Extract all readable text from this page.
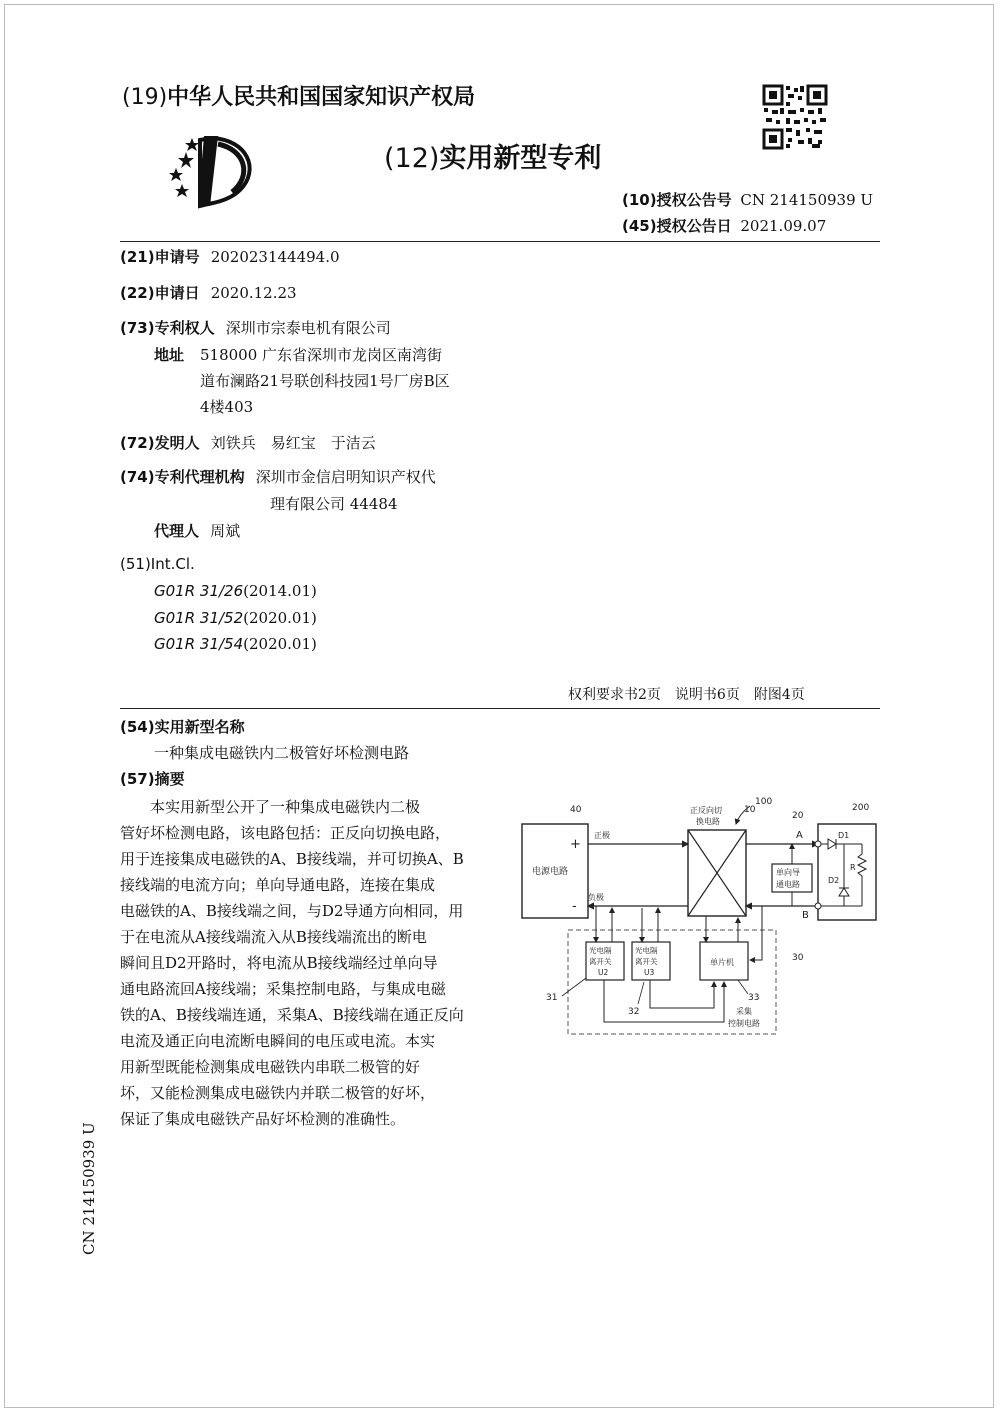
(19)中华人民共和国国家知识产权局
(12)实用新型专利
(10)授权公告号 CN 214150939 U
(45)授权公告日 2021.09.07
(21)申请号 202023144494.0
(22)申请日 2020.12.23
(73)专利权人 深圳市宗泰电机有限公司
地址 518000 广东省深圳市龙岗区南湾街
道布澜路21号联创科技园1号厂房B区
4楼403
(72)发明人 刘铁兵　易红宝　于洁云
(74)专利代理机构 深圳市金信启明知识产权代
理有限公司 44484
代理人 周斌
(51)Int.Cl.
G01R 31/26(2014.01)
G01R 31/52(2020.01)
G01R 31/54(2020.01)
权利要求书2页　说明书6页　附图4页
(54)实用新型名称
一种集成电磁铁内二极管好坏检测电路
(57)摘要
本实用新型公开了一种集成电磁铁内二极
管好坏检测电路，该电路包括：正反向切换电路，
用于连接集成电磁铁的A、B接线端，并可切换A、B
接线端的电流方向；单向导通电路，连接在集成
电磁铁的A、B接线端之间，与D2导通方向相同，用
于在电流从A接线端流入从B接线端流出的断电
瞬间且D2开路时，将电流从B接线端经过单向导
通电路流回A接线端；采集控制电路，与集成电磁
铁的A、B接线端连通，采集A、B接线端在通正反向
电流及通正向电流断电瞬间的电压或电流。本实
用新型既能检测集成电磁铁内串联二极管的好
坏，又能检测集成电磁铁内并联二极管的好坏，
保证了集成电磁铁产品好坏检测的准确性。
CN 214150939 U
100
40
电源电路
+
-
正反向切
换电路
10
正极
负极
A
B
单向导
通电路
20
200
D1
D2
R
30
采集
控制电路
光电隔
离开关
U2
光电隔
离开关
U3
单片机
31
32
33
